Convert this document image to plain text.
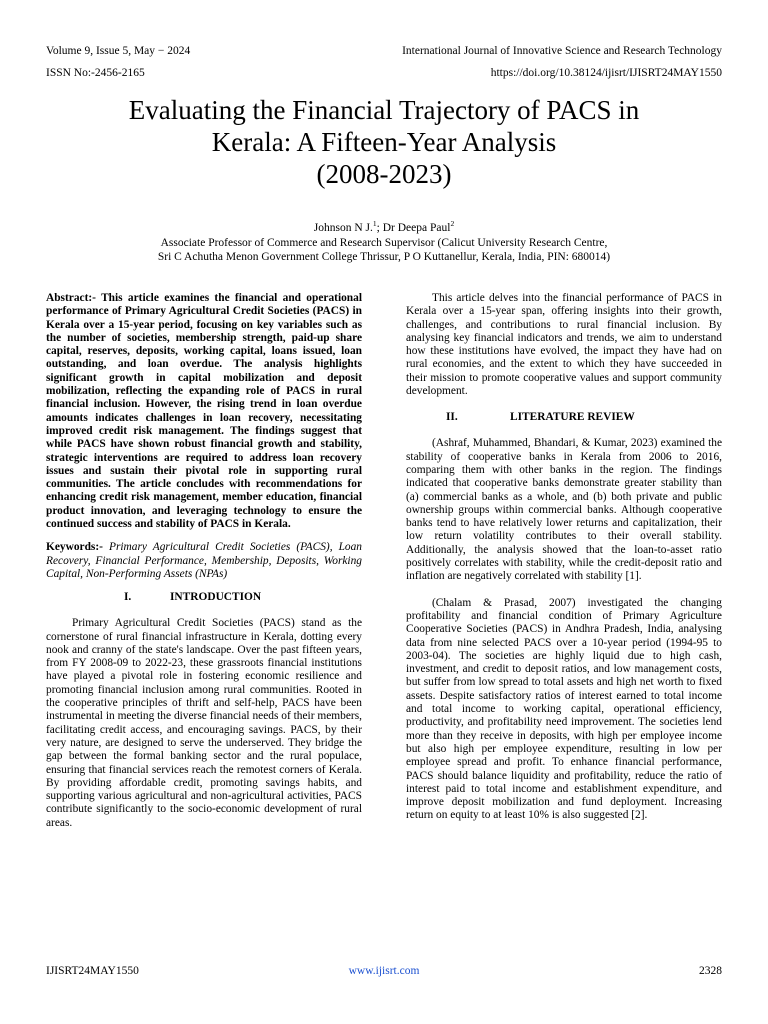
Volume 9, Issue 5, May − 2024	International Journal of Innovative Science and Research Technology
ISSN No:-2456-2165	https://doi.org/10.38124/ijisrt/IJISRT24MAY1550
Evaluating the Financial Trajectory of PACS in
Kerala: A Fifteen-Year Analysis
(2008-2023)
Johnson N J.$^1$; Dr Deepa Paul$^2$
Associate Professor of Commerce and Research Supervisor (Calicut University Research Centre,
Sri C Achutha Menon Government College Thrissur, P O Kuttanellur, Kerala, India, PIN: 680014)

Abstract:- This article examines the financial and operational performance of Primary Agricultural Credit Societies (PACS) in Kerala over a 15-year period, focusing on key variables such as the number of societies, membership strength, paid-up share capital, reserves, deposits, working capital, loans issued, loan outstanding, and loan overdue. The analysis highlights significant growth in capital mobilization and deposit mobilization, reflecting the expanding role of PACS in rural financial inclusion. However, the rising trend in loan overdue amounts indicates challenges in loan recovery, necessitating improved credit risk management. The findings suggest that while PACS have shown robust financial growth and stability, strategic interventions are required to address loan recovery issues and sustain their pivotal role in supporting rural communities. The article concludes with recommendations for enhancing credit risk management, member education, financial product innovation, and leveraging technology to ensure the continued success and stability of PACS in Kerala.

Keywords:- Primary Agricultural Credit Societies (PACS), Loan Recovery, Financial Performance, Membership, Deposits, Working Capital, Non-Performing Assets (NPAs)

I.	INTRODUCTION

Primary Agricultural Credit Societies (PACS) stand as the cornerstone of rural financial infrastructure in Kerala, dotting every nook and cranny of the state's landscape. Over the past fifteen years, from FY 2008-09 to 2022-23, these grassroots financial institutions have played a pivotal role in fostering economic resilience and promoting financial inclusion among rural communities. Rooted in the cooperative principles of thrift and self-help, PACS have been instrumental in meeting the diverse financial needs of their members, facilitating credit access, and encouraging savings. PACS, by their very nature, are designed to serve the underserved. They bridge the gap between the formal banking sector and the rural populace, ensuring that financial services reach the remotest corners of Kerala. By providing affordable credit, promoting savings habits, and supporting various agricultural and non-agricultural activities, PACS contribute significantly to the socio-economic development of rural areas.

This article delves into the financial performance of PACS in Kerala over a 15-year span, offering insights into their growth, challenges, and contributions to rural financial inclusion. By analysing key financial indicators and trends, we aim to understand how these institutions have evolved, the impact they have had on rural economies, and the extent to which they have succeeded in their mission to promote cooperative values and support community development.

II.	LITERATURE REVIEW

(Ashraf, Muhammed, Bhandari, & Kumar, 2023) examined the stability of cooperative banks in Kerala from 2006 to 2016, comparing them with other banks in the region. The findings indicated that cooperative banks demonstrate greater stability than (a) commercial banks as a whole, and (b) both private and public ownership groups within commercial banks. Although cooperative banks tend to have relatively lower returns and capitalization, their low return volatility contributes to their overall stability. Additionally, the analysis showed that the loan-to-asset ratio positively correlates with stability, while the credit-deposit ratio and inflation are negatively correlated with stability [1].

(Chalam & Prasad, 2007) investigated the changing profitability and financial condition of Primary Agriculture Cooperative Societies (PACS) in Andhra Pradesh, India, analysing data from nine selected PACS over a 10-year period (1994-95 to 2003-04). The societies are highly liquid due to high cash, investment, and credit to deposit ratios, and low management costs, but suffer from low spread to total assets and high net worth to fixed assets. Despite satisfactory ratios of interest earned to total income and total income to working capital, operational efficiency, productivity, and profitability need improvement. The societies lend more than they receive in deposits, with high per employee income but also high per employee expenditure, resulting in low per employee spread and profit. To enhance financial performance, PACS should balance liquidity and profitability, reduce the ratio of interest paid to total income and establishment expenditure, and improve deposit mobilization and fund deployment. Increasing return on equity to at least 10% is also suggested [2].

IJISRT24MAY1550	www.ijisrt.com	2328
